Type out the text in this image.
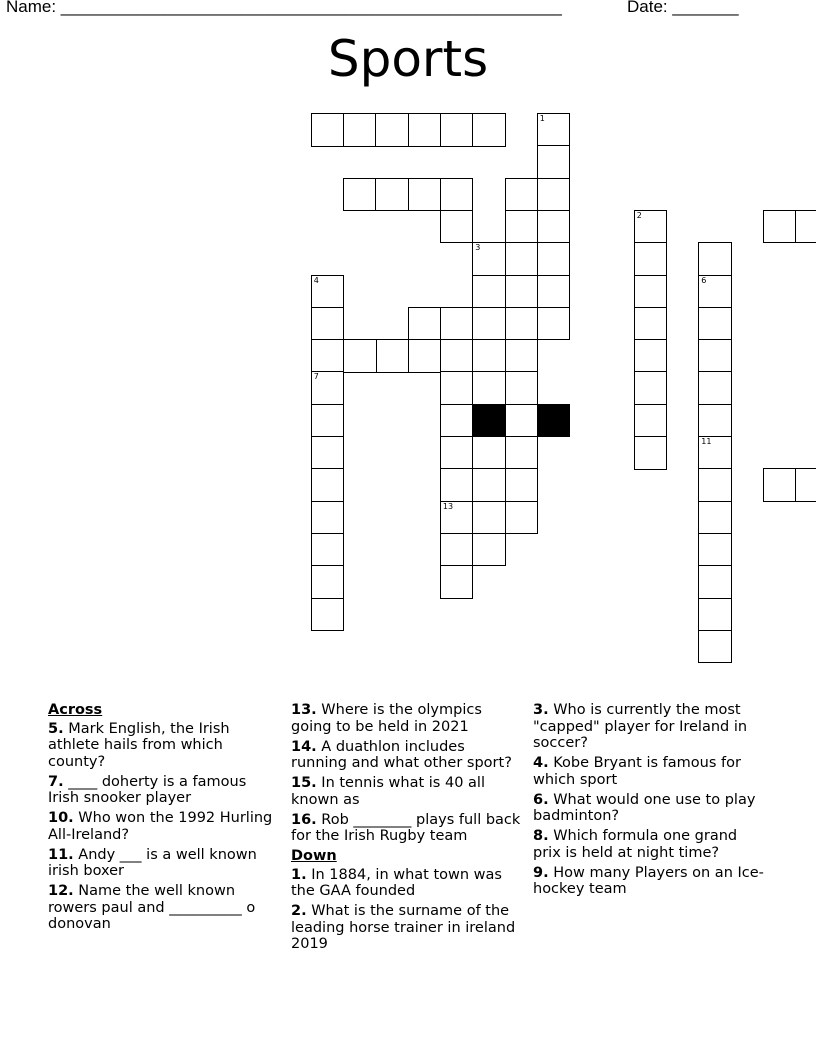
Name: _____________________________________________________	Date: _______
Sports
1
2
3
4
7
6
11
13
Across
5. Mark English, the Irish athlete hails from which county?
7. ____ doherty is a famous Irish snooker player
10. Who won the 1992 Hurling All-Ireland?
11. Andy ___ is a well known irish boxer
12. Name the well known rowers paul and __________ o donovan
13. Where is the olympics going to be held in 2021
14. A duathlon includes running and what other sport?
15. In tennis what is 40 all known as
16. Rob ________ plays full back for the Irish Rugby team
Down
1. In 1884, in what town was the GAA founded
2. What is the surname of the leading horse trainer in ireland 2019
3. Who is currently the most "capped" player for Ireland in soccer?
4. Kobe Bryant is famous for which sport
6. What would one use to play badminton?
8. Which formula one grand prix is held at night time?
9. How many Players on an Ice-hockey team
